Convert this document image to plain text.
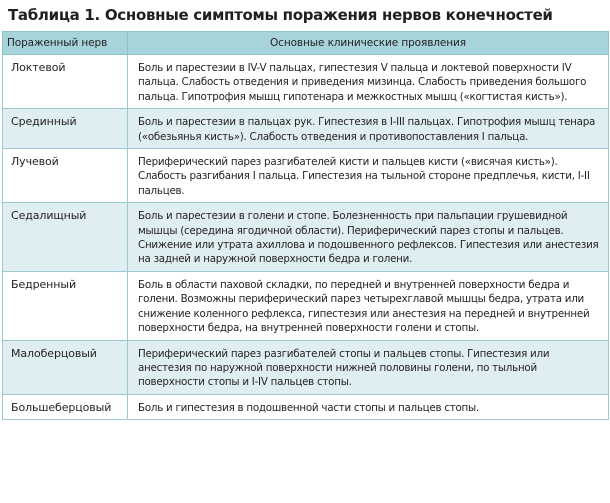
Таблица 1. Основные симптомы поражения нервов конечностей
Пораженный нерв	Основные клинические проявления
Локтевой	Боль и парестезии в IV-V пальцах, гипестезия V пальца и локтевой поверхности IV пальца. Слабость отведения и приведения мизинца. Слабость приведения большого пальца. Гипотрофия мышц гипотенара и межкостных мышц («когтистая кисть»).
Срединный	Боль и парестезии в пальцах рук. Гипестезия в I-III пальцах. Гипотрофия мышц тенара («обезьянья кисть»). Слабость отведения и противопоставления I пальца.
Лучевой	Периферический парез разгибателей кисти и пальцев кисти («висячая кисть»). Слабость разгибания I пальца. Гипестезия на тыльной стороне предплечья, кисти, I-II пальцев.
Седалищный	Боль и парестезии в голени и стопе. Болезненность при пальпации грушевидной мышцы (середина ягодичной области). Периферический парез стопы и пальцев. Снижение или утрата ахиллова и подошвенного рефлексов. Гипестезия или анестезия на задней и наружной поверхности бедра и голени.
Бедренный	Боль в области паховой складки, по передней и внутренней поверхности бедра и голени. Возможны периферический парез четырехглавой мышцы бедра, утрата или снижение коленного рефлекса, гипестезия или анестезия на передней и внутренней поверхности бедра, на внутренней поверхности голени и стопы.
Малоберцовый	Периферический парез разгибателей стопы и пальцев стопы. Гипестезия или анестезия по наружной поверхности нижней половины голени, по тыльной поверхности стопы и I-IV пальцев стопы.
Большеберцовый	Боль и гипестезия в подошвенной части стопы и пальцев стопы.
